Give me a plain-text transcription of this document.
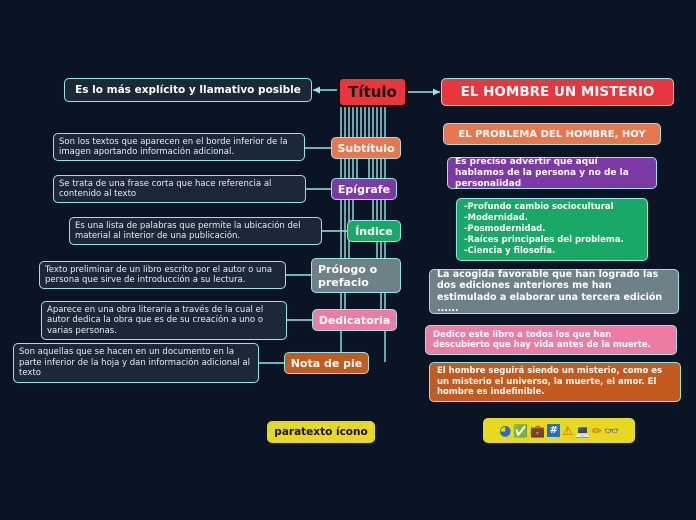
Título
Es lo más explícito y llamativo posible
Subtítulo
Son los textos que aparecen en el borde inferior de la imagen aportando información adicional.
Epígrafe
Se trata de una frase corta que hace referencia al contenido al texto
Índice
Es una lista de palabras que permite la ubicación del material al interior de una publicación.
Prólogo o prefacio
Texto preliminar de un libro escrito por el autor o una persona que sirve de introducción a su lectura.
Dedicatoria
Aparece en una obra literaria a través de la cual el autor dedica la obra que es de su creación a uno o varias personas.
Nota de pie
Son aquellas que se hacen en un documento en la parte inferior de la hoja y dan información adicional al texto
EL HOMBRE UN MISTERIO
EL PROBLEMA DEL HOMBRE, HOY
Es preciso advertir que aquí hablamos de la persona y no de la personalidad
-Profundo cambio sociocultural
-Modernidad.
-Posmodernidad.
-Raíces principales del problema.
-Ciencia y filosofía.
La acogida favorable que han logrado las dos ediciones anteriores me han estimulado a elaborar una tercera edición ......
Dedico este libro a todos los que han descubierto que hay vida antes de la muerte.
El hombre seguirá siendo un misterio, como es un misterio el universo, la muerte, el amor. El hombre es indefinible.
paratexto ícono	◕ ✅ 💼 # ⚠ 💻 ✏ 👓
